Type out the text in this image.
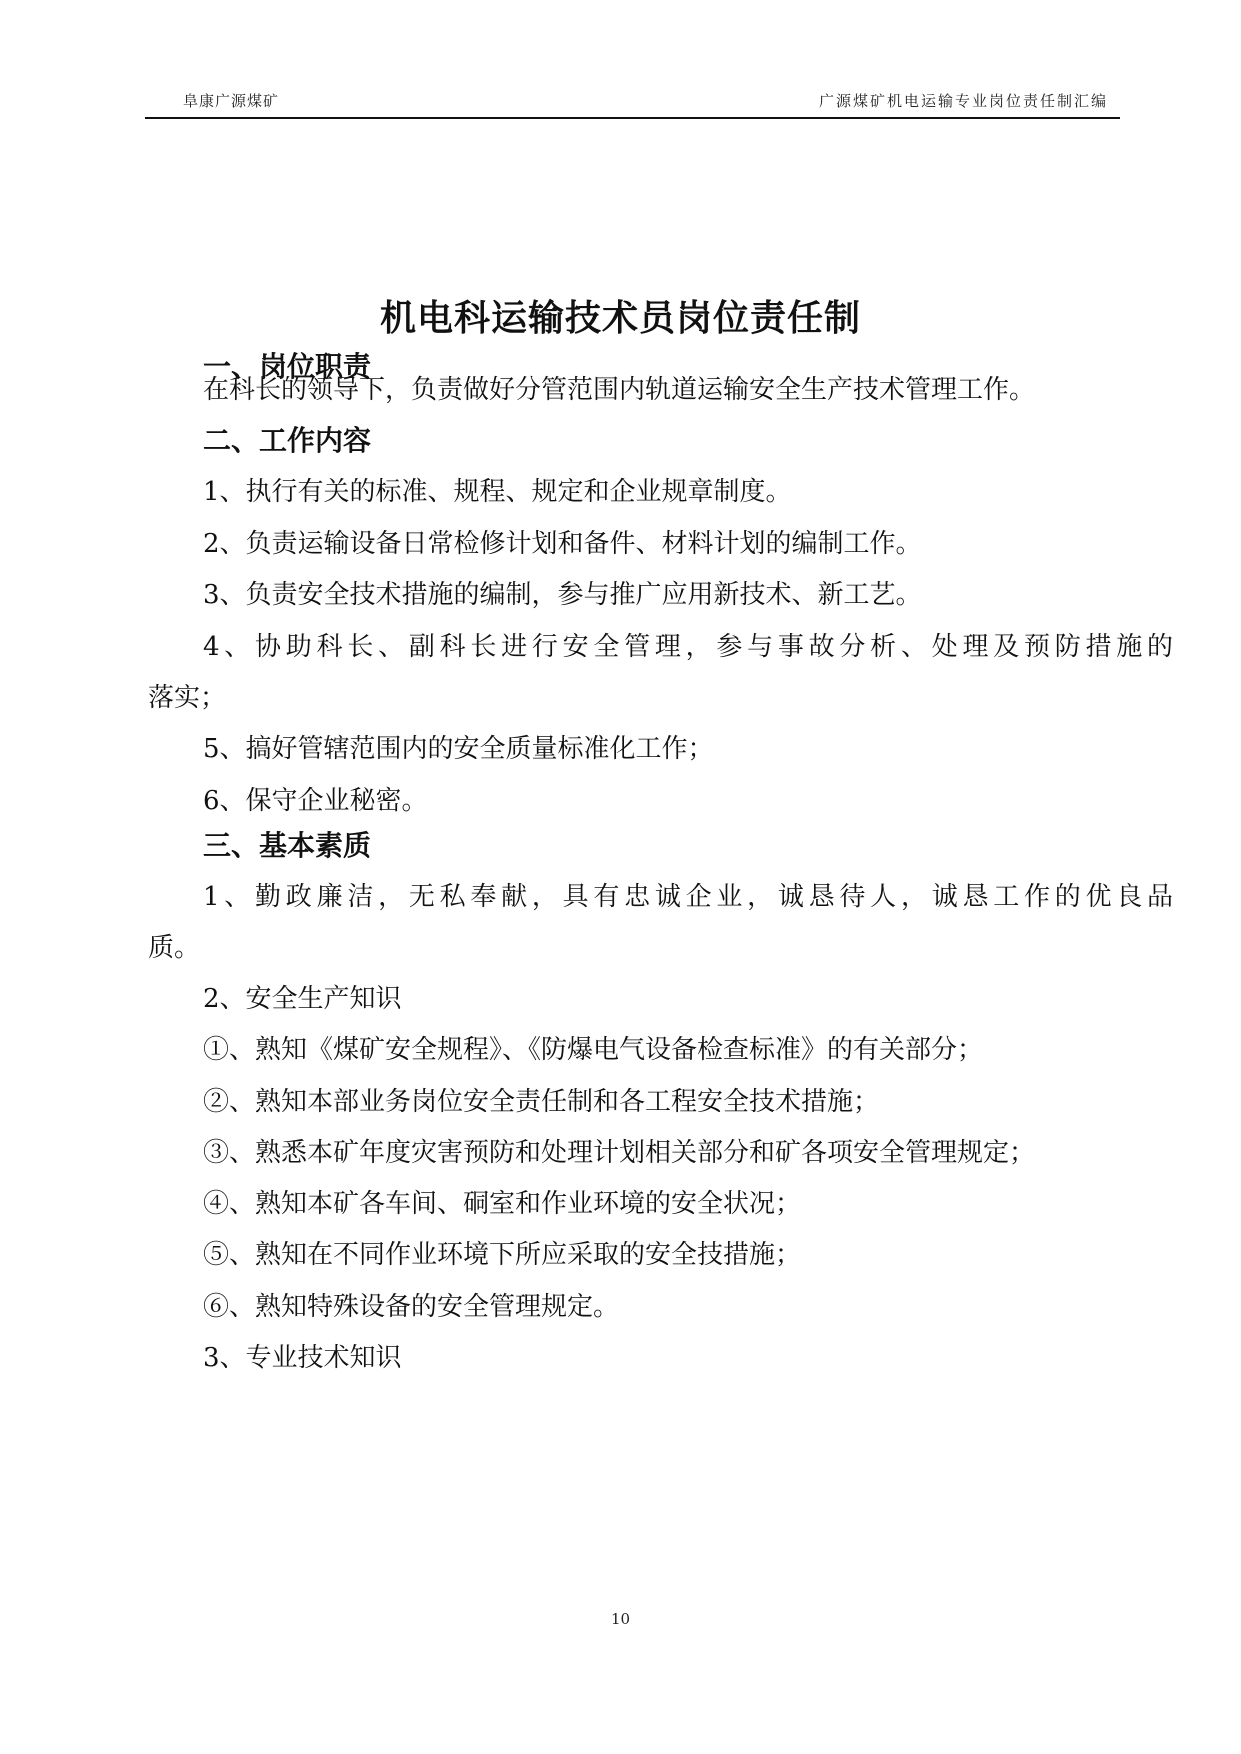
阜康广源煤矿	广源煤矿机电运输专业岗位责任制汇编
机电科运输技术员岗位责任制
一、岗位职责
在科长的领导下，负责做好分管范围内轨道运输安全生产技术管理工作。
二、工作内容
1、执行有关的标准、规程、规定和企业规章制度。
2、负责运输设备日常检修计划和备件、材料计划的编制工作。
3、负责安全技术措施的编制，参与推广应用新技术、新工艺。
4、协助科长、副科长进行安全管理，参与事故分析、处理及预防措施的
落实；
5、搞好管辖范围内的安全质量标准化工作；
6、保守企业秘密。
三、基本素质
1、勤政廉洁，无私奉献，具有忠诚企业，诚恳待人，诚恳工作的优良品
质。
2、安全生产知识
①、熟知《煤矿安全规程》、《防爆电气设备检查标准》的有关部分；
②、熟知本部业务岗位安全责任制和各工程安全技术措施；
③、熟悉本矿年度灾害预防和处理计划相关部分和矿各项安全管理规定；
④、熟知本矿各车间、硐室和作业环境的安全状况；
⑤、熟知在不同作业环境下所应采取的安全技措施；
⑥、熟知特殊设备的安全管理规定。
3、专业技术知识
10
